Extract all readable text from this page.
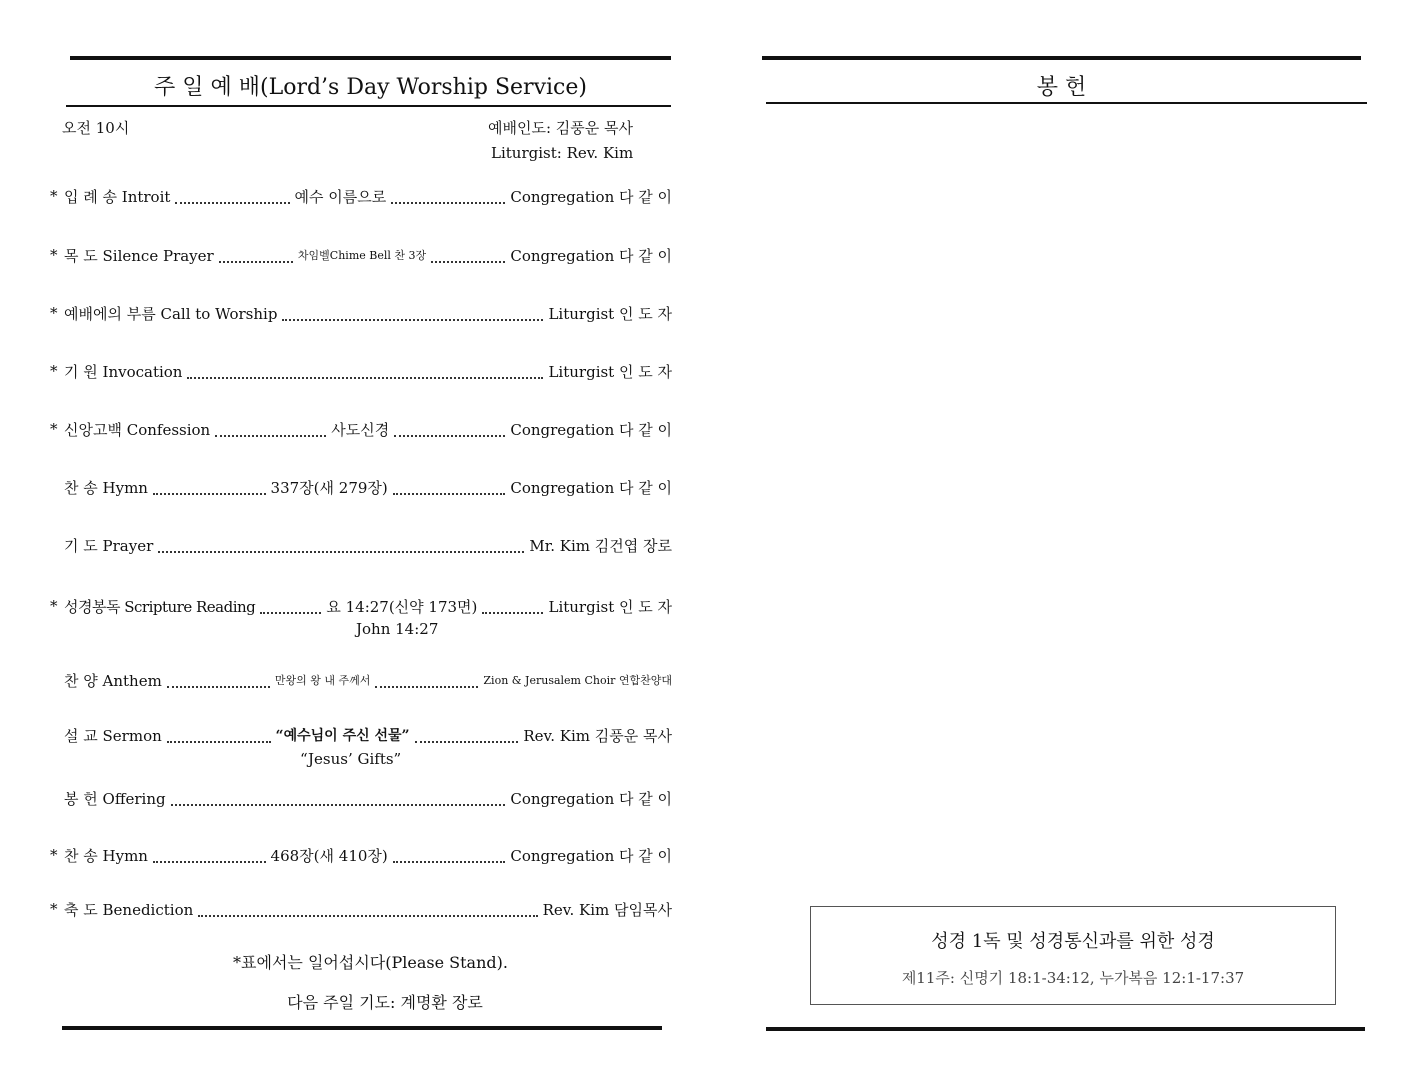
주 일 예 배(Lord’s Day Worship Service)
오전 10시	예배인도: 김풍운 목사
Liturgist: Rev. Kim
* 입 례 송 Introit	예수 이름으로	Congregation 다 같 이
* 목 도 Silence Prayer	차임벨Chime Bell 찬 3장	Congregation 다 같 이
* 예배에의 부름 Call to Worship	Liturgist 인 도 자
* 기 원 Invocation	Liturgist 인 도 자
* 신앙고백 Confession	사도신경	Congregation 다 같 이
찬 송 Hymn	337장(새 279장)	Congregation 다 같 이
기 도 Prayer	Mr. Kim 김건엽 장로
* 성경봉독 Scripture Reading	요 14:27(신약 173면)	Liturgist 인 도 자
John 14:27
찬 양 Anthem	만왕의 왕 내 주께서	Zion & Jerusalem Choir 연합찬양대
설 교 Sermon	“예수님이 주신 선물”	Rev. Kim 김풍운 목사
“Jesus’ Gifts”
봉 헌 Offering	Congregation 다 같 이
* 찬 송 Hymn	468장(새 410장)	Congregation 다 같 이
* 축 도 Benediction	Rev. Kim 담임목사
*표에서는 일어섭시다(Please Stand).
다음 주일 기도: 계명환 장로
봉 헌
성경 1독 및 성경통신과를 위한 성경
제11주: 신명기 18:1-34:12, 누가복음 12:1-17:37
